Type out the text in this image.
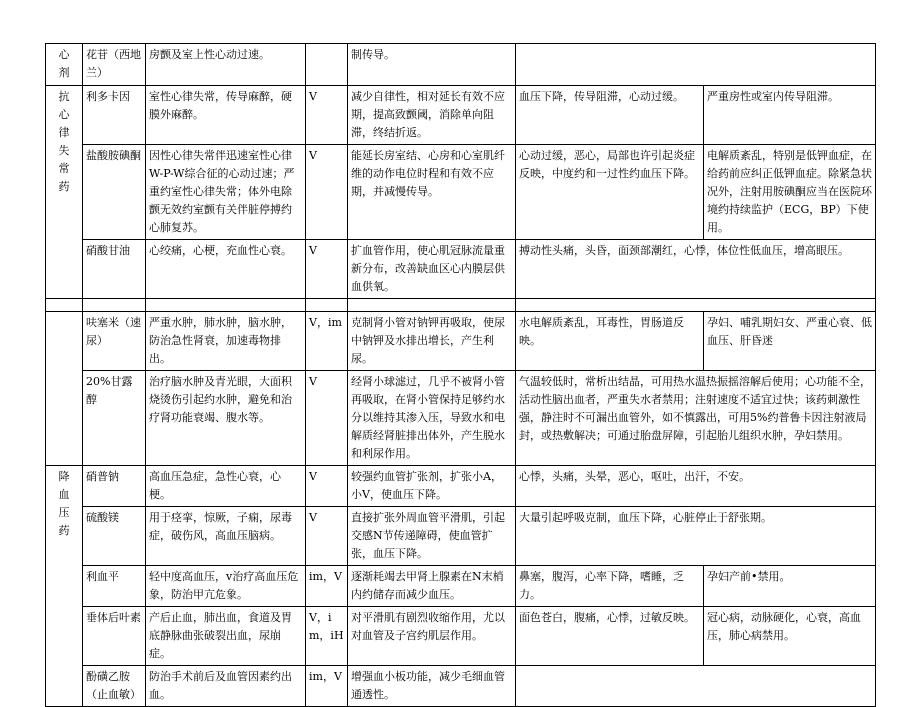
心剂	花苷（西地兰）	房颤及室上性心动过速。		制传导。		

抗心律失常药	利多卡因	室性心律失常，传导麻醉，硬膜外麻醉。	V	减少自律性，相对延长有效不应期，提高致颤阈，消除单向阻滞，终结折返。	血压下降，传导阻滞，心动过缓。	严重房性或室内传导阻滞。
	盐酸胺碘酮	因性心律失常伴迅速室性心律W-P-W综合征的心动过速；严重约室性心律失常；体外电除颤无效约室颤有关伴脏停搏约心肺复苏。	V	能延长房室结、心房和心室肌纤维的动作电位时程和有效不应期，并减慢传导。	心动过缓，恶心，局部也许引起炎症反映，中度约和一过性约血压下降。	电解质紊乱，特别是低钾血症，在给药前应纠正低钾血症。除紧急状况外，注射用胺碘酮应当在医院环境约持续监护（ECG，BP）下使用。
	硝酸甘油	心绞痛，心梗，充血性心衰。	V	扩血管作用，使心肌冠脉流量重新分布，改善缺血区心内膜层供血供氧。	搏动性头痛，头昏，面颈部潮红，心悸，体位性低血压，增高眼压。	

	呋塞米（速尿）	严重水肿，肺水肿，脑水肿，防治急性肾衰，加速毒物排出。	V，im	克制肾小管对钠钾再吸取，使尿中钠钾及水排出增长，产生利尿。	水电解质紊乱，耳毒性，胃肠道反映。	孕妇、哺乳期妇女、严重心衰、低血压、肝昏迷
	20%甘露醇	治疗脑水肿及青光眼，大面积烧烫伤引起约水肿，避免和治疗肾功能衰竭、腹水等。	V	经肾小球滤过，几乎不被肾小管再吸取，在肾小管保持足够约水分以维持其渗入压，导致水和电解质经肾脏排出体外，产生脱水和利尿作用。	气温较低时，常析出结晶，可用热水温热振摇溶解后使用；心功能不全，活动性脑出血者，严重失水者禁用；注射速度不适宜过快；该药刺激性强，静注时不可漏出血管外，如不慎露出，可用5%约普鲁卡因注射液局封，或热敷解决；可通过胎盘屏障，引起胎儿组织水肿，孕妇禁用。	

降血压药	硝普钠	高血压急症，急性心衰，心梗。	V	较强约血管扩张剂，扩张小A，小V，使血压下降。	心悸，头痛，头晕，恶心，呕吐，出汗，不安。	
	硫酸镁	用于痉挛，惊厥，子痫，尿毒症，破伤风，高血压脑病。	V	直接扩张外周血管平滑肌，引起交感N节传递障碍，使血管扩张，血压下降。	大量引起呼吸克制，血压下降，心脏停止于舒张期。	
	利血平	轻中度高血压，v治疗高血压危象，防治甲亢危象。	im，V	逐渐耗竭去甲肾上腺素在N末梢内约储存而减少血压。	鼻塞，腹泻，心率下降，嗜睡，乏力。	孕妇产前•禁用。
	垂体后叶素	产后止血，肺出血，食道及胃底静脉曲张破裂出血，尿崩症。	V，im，iH	对平滑肌有剧烈收缩作用，尤以对血管及子宫约肌层作用。	面色苍白，腹痛，心悸，过敏反映。	冠心病，动脉硬化，心衰，高血压，肺心病禁用。
	酚磺乙胺（止血敏）	防治手术前后及血管因素约出血。	im，V	增强血小板功能，减少毛细血管通透性。		
